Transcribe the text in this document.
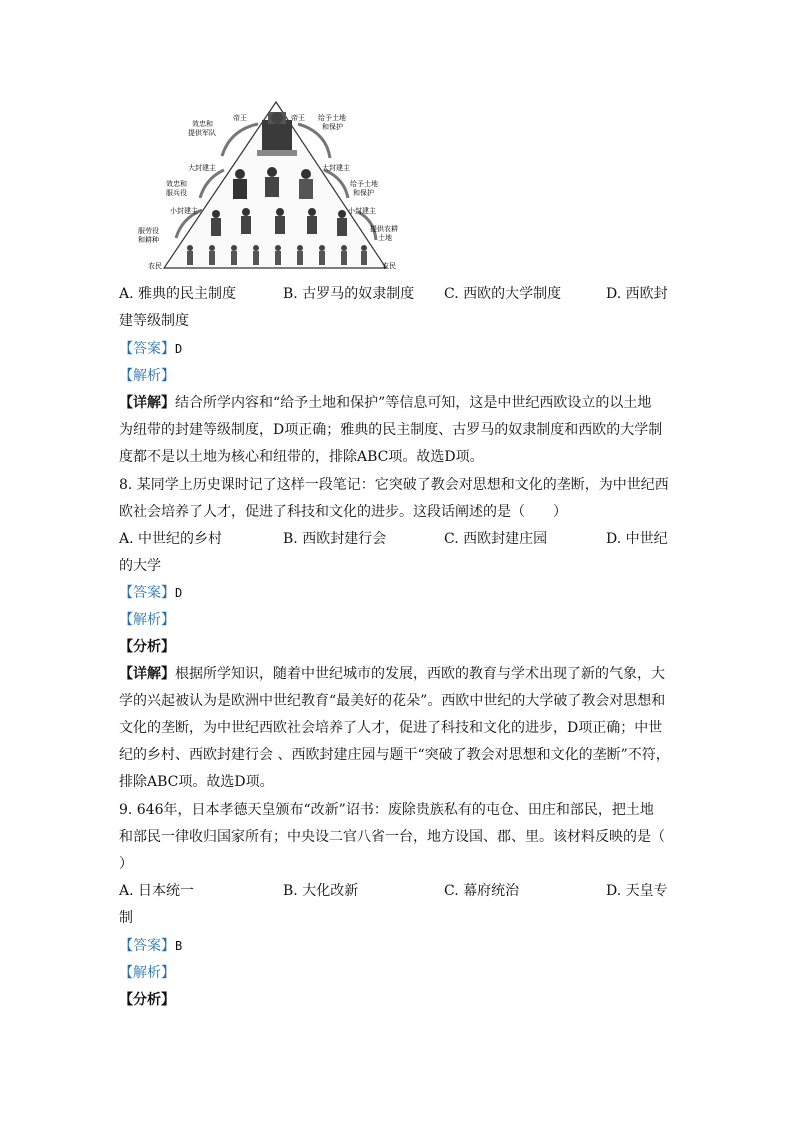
帝王	帝王
效忠和
提供军队
给予土地
和保护
大封建主	大封建主
效忠和
服兵役
给予土地
和保护
小封建主	小封建主
服劳役
和耕种
提供农耕
土地
农民	农民
A. 雅典的民主制度	B. 古罗马的奴隶制度 C. 西欧的大学制度	D. 西欧封
建等级制度
【答案】D
【解析】
【详解】结合所学内容和“给予土地和保护”等信息可知，这是中世纪西欧设立的以土地
为纽带的封建等级制度，D项正确；雅典的民主制度、古罗马的奴隶制度和西欧的大学制
度都不是以土地为核心和纽带的，排除ABC项。故选D项。
8. 某同学上历史课时记了这样一段笔记：它突破了教会对思想和文化的垄断，为中世纪西
欧社会培养了人才，促进了科技和文化的进步。这段话阐述的是（　　）
A. 中世纪的乡村	B. 西欧封建行会	C. 西欧封建庄园	D. 中世纪
的大学
【答案】D
【解析】
【分析】
【详解】根据所学知识，随着中世纪城市的发展，西欧的教育与学术出现了新的气象，大
学的兴起被认为是欧洲中世纪教育“最美好的花朵”。西欧中世纪的大学破了教会对思想和
文化的垄断，为中世纪西欧社会培养了人才，促进了科技和文化的进步，D项正确；中世
纪的乡村、西欧封建行会 、西欧封建庄园与题干“突破了教会对思想和文化的垄断”不符，
排除ABC项。故选D项。
9. 646年，日本孝德天皇颁布“改新”诏书：废除贵族私有的屯仓、田庄和部民，把土地
和部民一律收归国家所有；中央设二官八省一台，地方设国、郡、里。该材料反映的是（
）
A. 日本统一	B. 大化改新	C. 幕府统治	D. 天皇专
制
【答案】B
【解析】
【分析】
